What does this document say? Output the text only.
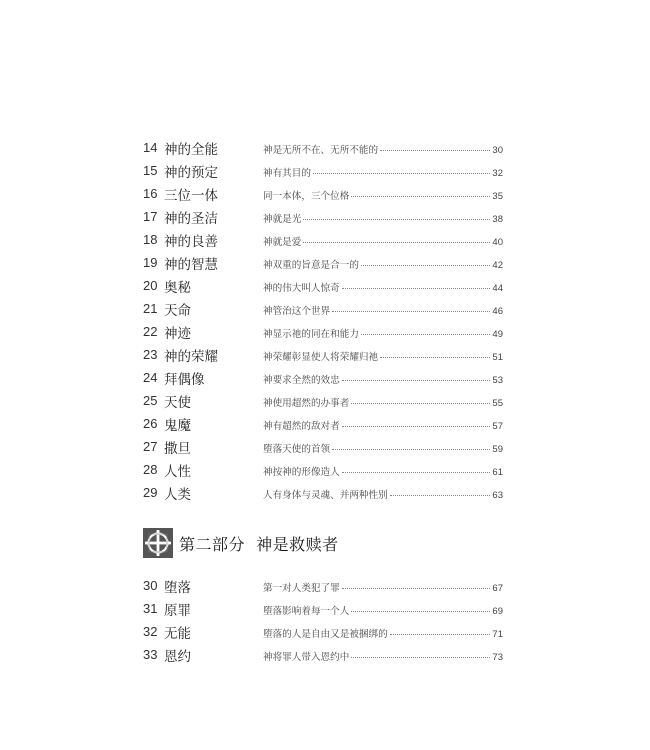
14 神的全能	神是无所不在、无所不能的	30
15 神的预定	神有其目的	32
16 三位一体	同一本体，三个位格	35
17 神的圣洁	神就是光	38
18 神的良善	神就是爱	40
19 神的智慧	神双重的旨意是合一的	42
20 奥秘	神的伟大叫人惊奇	44
21 天命	神管治这个世界	46
22 神迹	神显示祂的同在和能力	49
23 神的荣耀	神荣耀彰显使人将荣耀归祂	51
24 拜偶像	神要求全然的效忠	53
25 天使	神使用超然的办事者	55
26 鬼魔	神有超然的敌对者	57
27 撒旦	堕落天使的首领	59
28 人性	神按神的形像造人	61
29 人类	人有身体与灵魂、并两种性别	63
第二部分  神是救赎者
30 堕落	第一对人类犯了罪	67
31 原罪	堕落影响着每一个人	69
32 无能	堕落的人是自由又是被捆绑的	71
33 恩约	神将罪人带入恩约中	73
